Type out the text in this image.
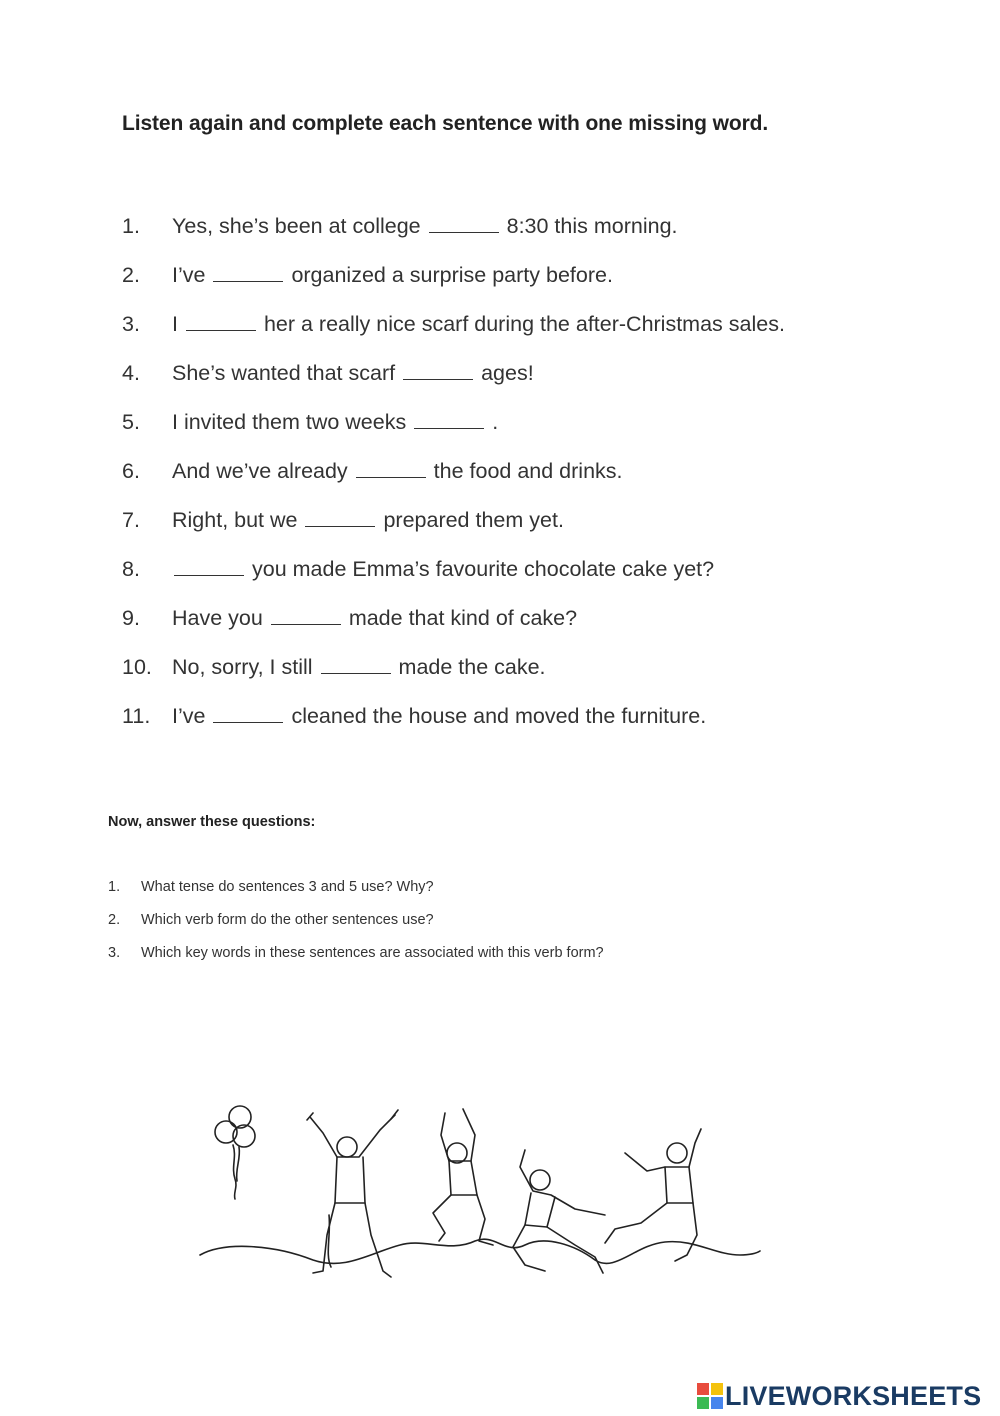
Listen again and complete each sentence with one missing word.
1.	Yes, she’s been at college	8:30 this morning.
2.	I’ve	organized a surprise party before.
3.	I	her a really nice scarf during the after-Christmas sales.
4.	She’s wanted that scarf	ages!
5.	I invited them two weeks	.
6.	And we’ve already	the food and drinks.
7.	Right, but we	prepared them yet.
8.	you made Emma’s favourite chocolate cake yet?
9.	Have you	made that kind of cake?
10. No, sorry, I still	made the cake.
11.	I’ve	cleaned the house and moved the furniture.
Now, answer these questions:
1.	What tense do sentences 3 and 5 use? Why?
2.	Which verb form do the other sentences use?
3.	Which key words in these sentences are associated with this verb form?
LIVEWORKSHEETS
